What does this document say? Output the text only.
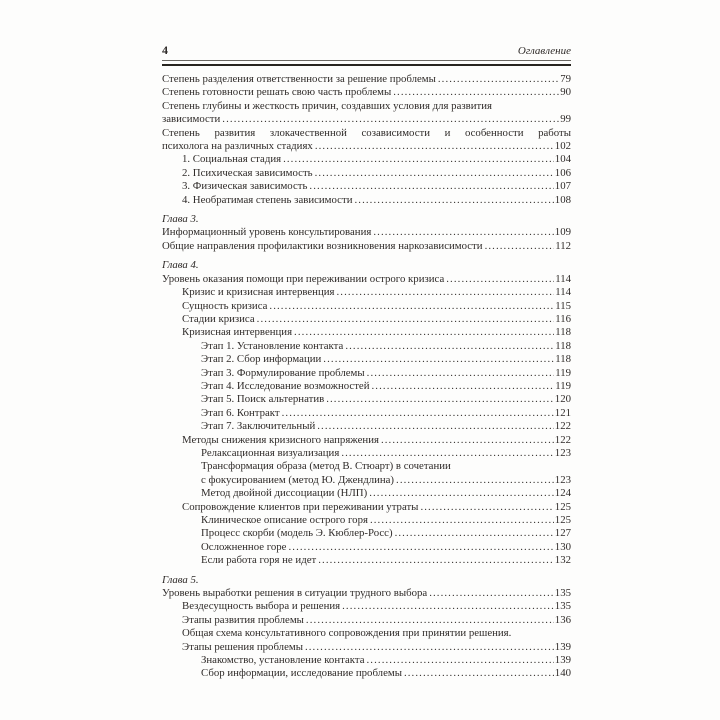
4	Оглавление
Степень разделения ответственности за решение проблемы .....	79
Степень готовности решать свою часть проблемы .....	90
Степень глубины и жесткость причин, создавших условия для развития
зависимости .....	99
Степень развития злокачественной созависимости и особенности работы
психолога на различных стадиях .....	102
1. Социальная стадия .....	104
2. Психическая зависимость .....	106
3. Физическая зависимость .....	107
4. Необратимая степень зависимости .....	108
Глава 3.
Информационный уровень консультирования .....	109
Общие направления профилактики возникновения наркозависимости .....	112
Глава 4.
Уровень оказания помощи при переживании острого кризиса .....	114
Кризис и кризисная интервенция .....	114
Сущность кризиса .....	115
Стадии кризиса .....	116
Кризисная интервенция .....	118
Этап 1. Установление контакта .....	118
Этап 2. Сбор информации .....	118
Этап 3. Формулирование проблемы .....	119
Этап 4. Исследование возможностей .....	119
Этап 5. Поиск альтернатив .....	120
Этап 6. Контракт .....	121
Этап 7. Заключительный .....	122
Методы снижения кризисного напряжения .....	122
Релаксационная визуализация .....	123
Трансформация образа (метод В. Стюарт) в сочетании
с фокусированием (метод Ю. Джендлина) .....	123
Метод двойной диссоциации (НЛП) .....	124
Сопровождение клиентов при переживании утраты .....	125
Клиническое описание острого горя .....	125
Процесс скорби (модель Э. Кюблер-Росс) .....	127
Осложненное горе .....	130
Если работа горя не идет .....	132
Глава 5.
Уровень выработки решения в ситуации трудного выбора .....	135
Вездесущность выбора и решения .....	135
Этапы развития проблемы .....	136
Общая схема консультативного сопровождения при принятии решения.
Этапы решения проблемы .....	139
Знакомство, установление контакта .....	139
Сбор информации, исследование проблемы .....	140
